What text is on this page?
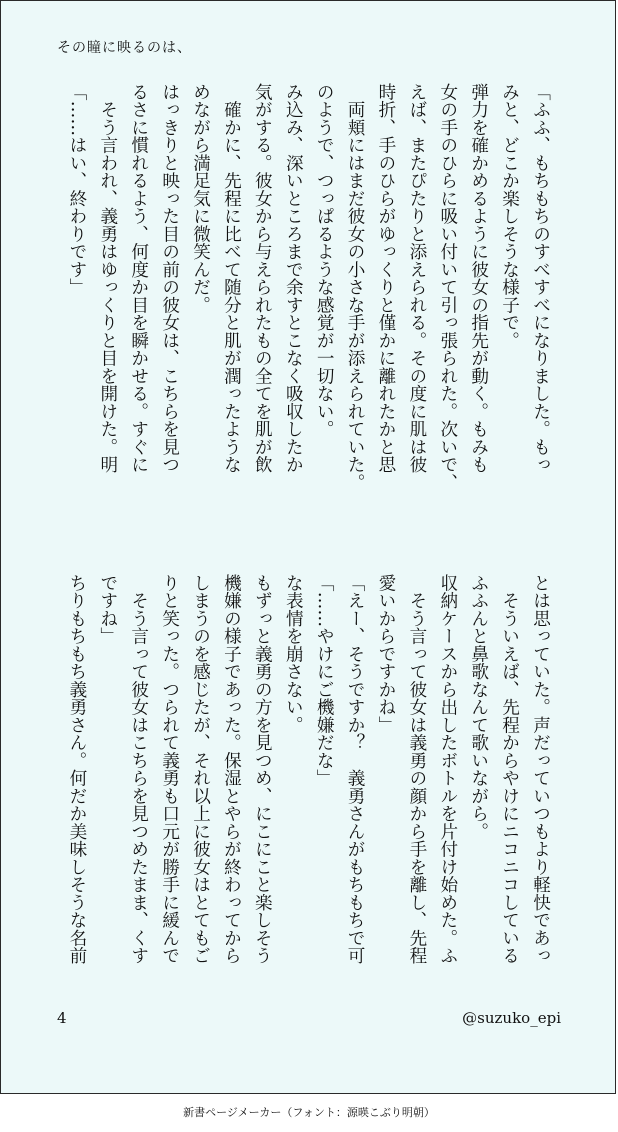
その瞳に映るのは、

「ふふ、もちもちのすべすべになりました。もっ
みと、どこか楽しそうな様子で。
弾力を確かめるように彼女の指先が動く。もみも
女の手のひらに吸い付いて引っ張られた。次いで、
えば、またぴたりと添えられる。その度に肌は彼
時折、手のひらがゆっくりと僅かに離れたかと思
　両頬にはまだ彼女の小さな手が添えられていた。
のようで、つっぱるような感覚が一切ない。
み込み、深いところまで余すとこなく吸収したか
気がする。彼女から与えられたもの全てを肌が飲
　確かに、先程に比べて随分と肌が潤ったような
めながら満足気に微笑んだ。
はっきりと映った目の前の彼女は、こちらを見つ
るさに慣れるよう、何度か目を瞬かせる。すぐに
　そう言われ、義勇はゆっくりと目を開けた。明
「……はい、終わりです」

とは思っていた。声だっていつもより軽快であっ
　そういえば、先程からやけにニコニコしている
ふふんと鼻歌なんて歌いながら。
収納ケースから出したボトルを片付け始めた。ふ
　そう言って彼女は義勇の顔から手を離し、先程
愛いからですかね」
「えー、そうですか？　義勇さんがもちもちで可
「……やけにご機嫌だな」
な表情を崩さない。
もずっと義勇の方を見つめ、にこにこと楽しそう
機嫌の様子であった。保湿とやらが終わってから
しまうのを感じたが、それ以上に彼女はとてもご
りと笑った。つられて義勇も口元が勝手に緩んで
　そう言って彼女はこちらを見つめたまま、くす
ですね」
ちりもちもち義勇さん。何だか美味しそうな名前

4	@suzuko_epi

新書ページメーカー（フォント：源暎こぶり明朝）
